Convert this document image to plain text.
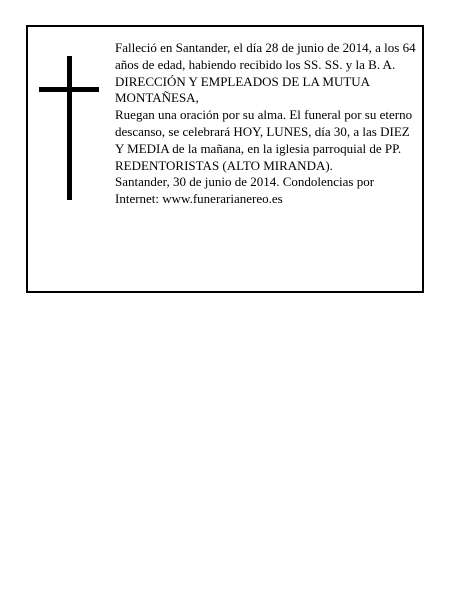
Falleció en Santander, el día 28 de junio de 2014, a los 64 años de edad, habiendo recibido los SS. SS. y la B. A.

DIRECCIÓN Y EMPLEADOS DE LA MUTUA MONTAÑESA,

Ruegan una oración por su alma. El funeral por su eterno descanso, se celebrará HOY, LUNES, día 30, a las DIEZ Y MEDIA de la mañana, en la iglesia parroquial de PP. REDENTORISTAS (ALTO MIRANDA).

Santander, 30 de junio de 2014. Condolencias por Internet: www.funerarianereo.es
